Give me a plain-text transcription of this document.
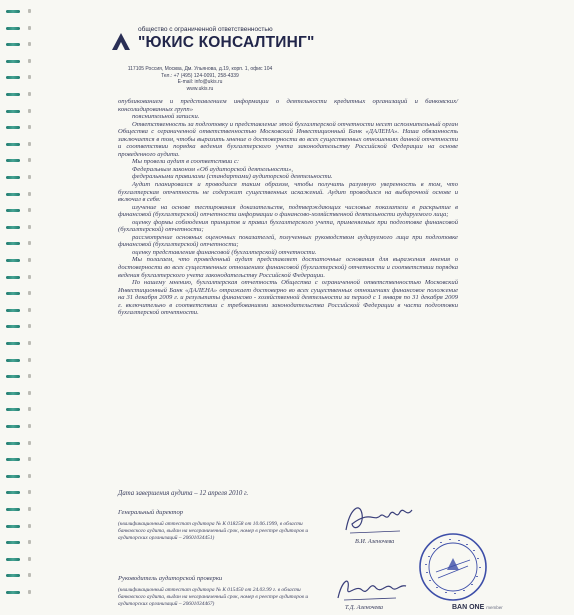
общество с ограниченной ответственностью
"ЮКИС КОНСАЛТИНГ"
117105 Россия, Москва, Дм. Ульянова, д.19, корп. 1, офис 104
Тел.: +7 (495) 124-0091, 258-4339
E-mail: info@ukis.ru
www.ukis.ru

опубликованием и представлением информации о деятельности кредитных организаций и банковских/консолидированных групп»

пояснительной записки.

Ответственность за подготовку и представление этой бухгалтерской отчетности несет исполнительный орган Общества с ограниченной ответственностью Московский Инвестиционный Банк «ДАЛЕНА». Наша обязанность заключается в том, чтобы выразить мнение о достоверности во всех существенных отношениях данной отчетности и соответствии порядка ведения бухгалтерского учета законодательству Российской Федерации на основе проведенного аудита.

Мы провели аудит в соответствии с:

Федеральным законом «Об аудиторской деятельности»,

федеральными правилами (стандартами) аудиторской деятельности.

Аудит планировался и проводился таким образом, чтобы получить разумную уверенность в том, что бухгалтерская отчетность не содержит существенных искажений. Аудит проводился на выборочной основе и включал в себя:

изучение на основе тестирования доказательств, подтверждающих числовые показатели в раскрытие в финансовой (бухгалтерской) отчетности информации о финансово-хозяйственной деятельности аудируемого лица;

оценку формы соблюдения принципов и правил бухгалтерского учета, применяемых при подготовке финансовой (бухгалтерской) отчетности;

рассмотрение основных оценочных показателей, полученных руководством аудируемого лица при подготовке финансовой (бухгалтерской) отчетности;

оценку представления финансовой (бухгалтерской) отчетности.

Мы полагаем, что проведенный аудит представляет достаточные основания для выражения мнения о достоверности во всех существенных отношениях финансовой (бухгалтерской) отчетности и соответствии порядка ведения бухгалтерского учета законодательству Российской Федерации.

По нашему мнению, бухгалтерская отчетность Общества с ограниченной ответственностью Московский Инвестиционный Банк «ДАЛЕНА» отражает достоверно во всех существенных отношениях финансовое положение на 31 декабря 2009 г. и результаты финансово - хозяйственной деятельности за период с 1 января по 31 декабря 2009 г. включительно в соответствии с требованиями законодательства Российской Федерации в части подготовки бухгалтерской отчетности.

Дата завершения аудита – 12 апреля 2010 г.
Генеральный директор
(квалификационный аттестат аудитора № К 018258 от 10.06.1999, в области банковского аудита, выдан на неограниченный срок, номер в реестре аудиторов и аудиторских организаций – 20601034451)	В.И. Азеночева
Руководитель аудиторской проверки
(квалификационный аттестат аудитора № К 015450 от 24.03.99 г. в области банковского аудита, выдан на неограниченный срок, номер в реестре аудиторов и аудиторских организаций – 20601034467)	Т.Д. Азеночева	BAN ONE member
